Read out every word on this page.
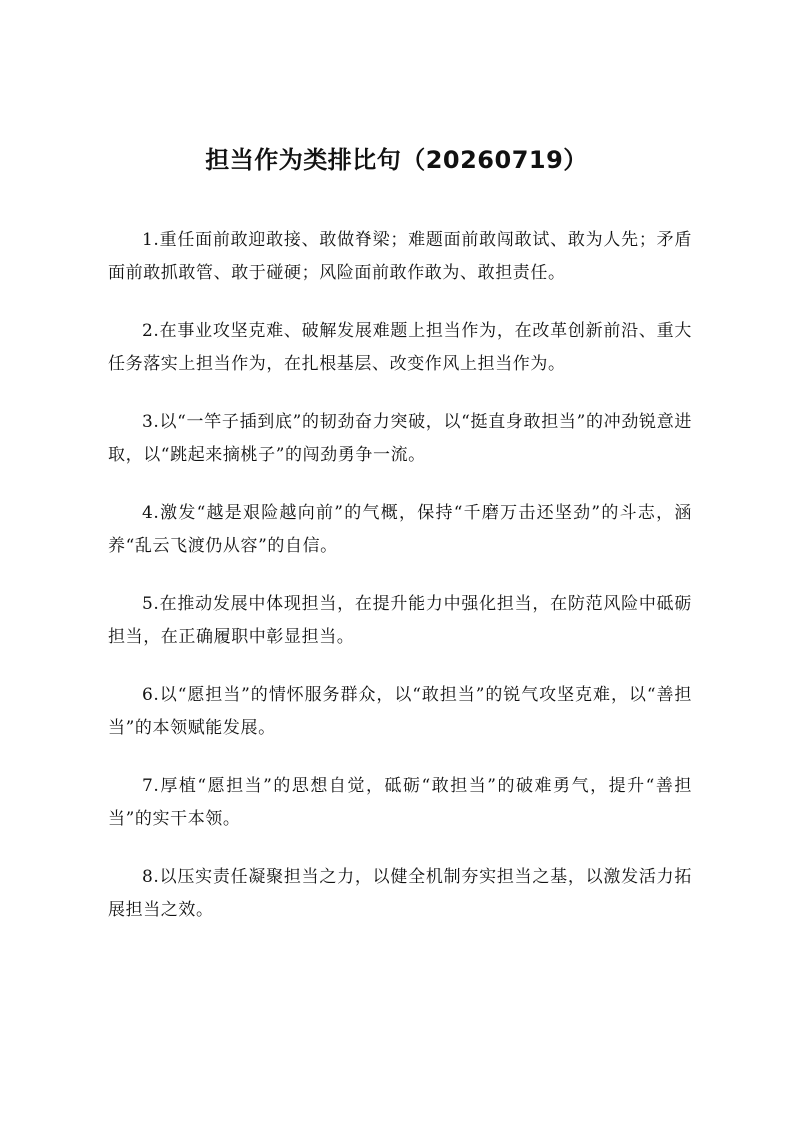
担当作为类排比句（20260719）

1.重任面前敢迎敢接、敢做脊梁；难题面前敢闯敢试、敢为人先；矛盾面前敢抓敢管、敢于碰硬；风险面前敢作敢为、敢担责任。

2.在事业攻坚克难、破解发展难题上担当作为，在改革创新前沿、重大任务落实上担当作为，在扎根基层、改变作风上担当作为。

3.以“一竿子插到底”的韧劲奋力突破，以“挺直身敢担当”的冲劲锐意进取，以“跳起来摘桃子”的闯劲勇争一流。

4.激发“越是艰险越向前”的气概，保持“千磨万击还坚劲”的斗志，涵养“乱云飞渡仍从容”的自信。

5.在推动发展中体现担当，在提升能力中强化担当，在防范风险中砥砺担当，在正确履职中彰显担当。

6.以“愿担当”的情怀服务群众，以“敢担当”的锐气攻坚克难，以“善担当”的本领赋能发展。

7.厚植“愿担当”的思想自觉，砥砺“敢担当”的破难勇气，提升“善担当”的实干本领。

8.以压实责任凝聚担当之力，以健全机制夯实担当之基，以激发活力拓展担当之效。
